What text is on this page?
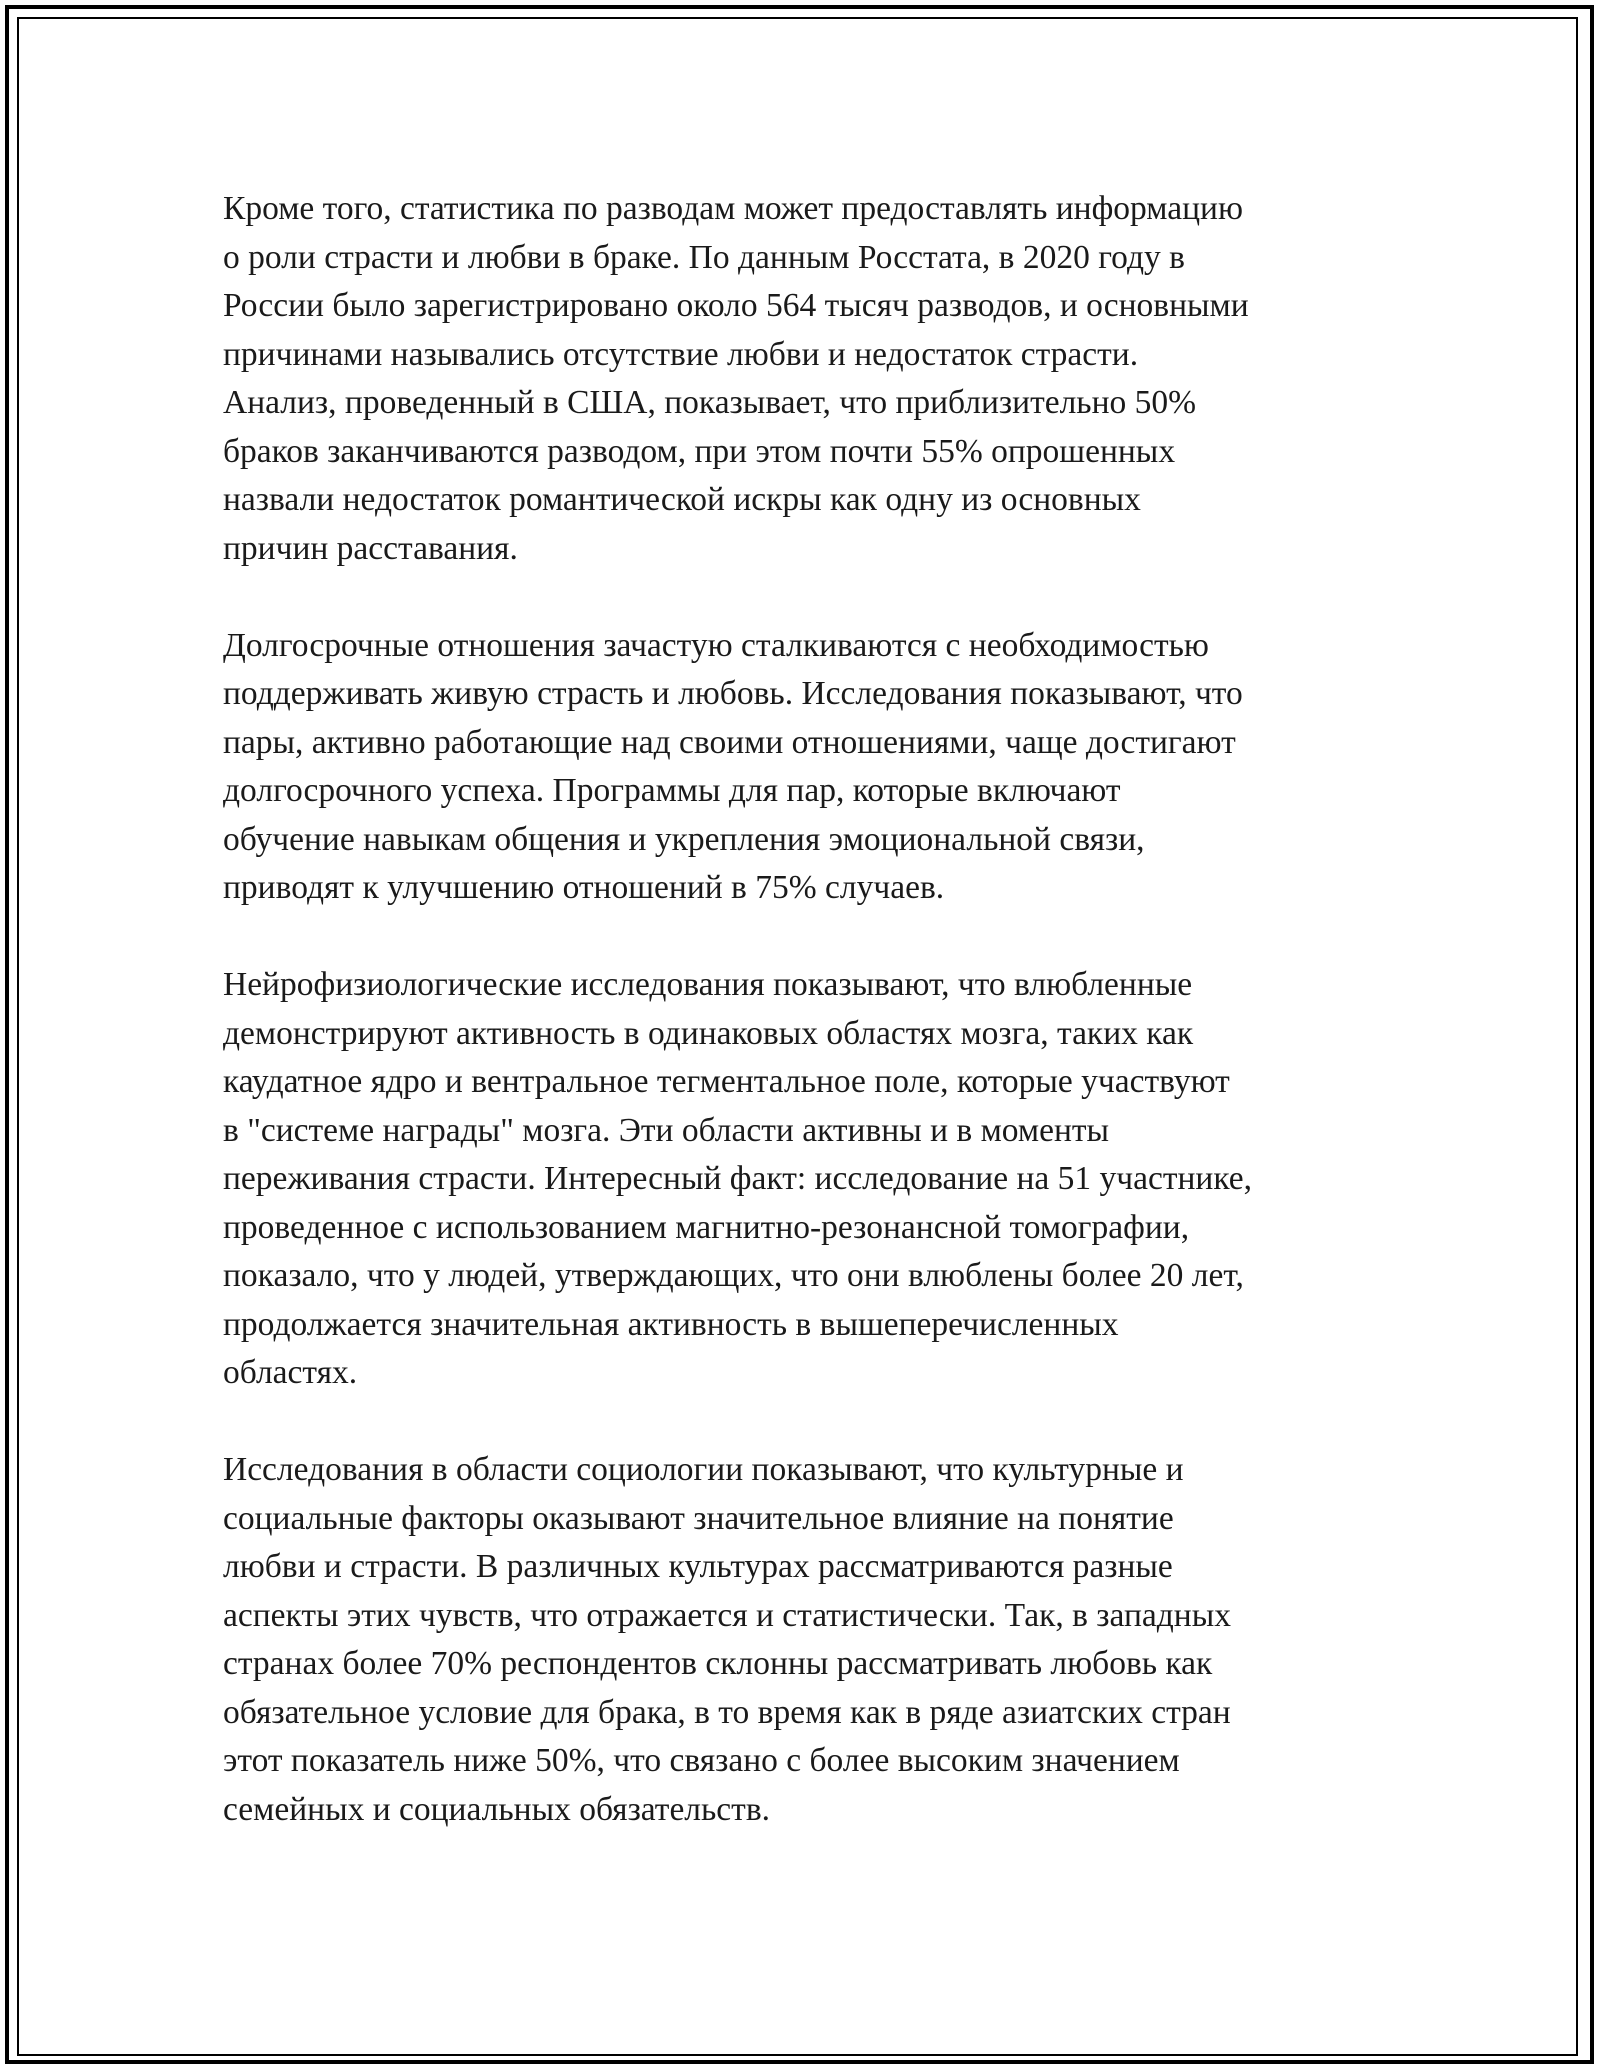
Кроме того, статистика по разводам может предоставлять информацию
о роли страсти и любви в браке. По данным Росстата, в 2020 году в
России было зарегистрировано около 564 тысяч разводов, и основными
причинами назывались отсутствие любви и недостаток страсти.
Анализ, проведенный в США, показывает, что приблизительно 50%
браков заканчиваются разводом, при этом почти 55% опрошенных
назвали недостаток романтической искры как одну из основных
причин расставания.

Долгосрочные отношения зачастую сталкиваются с необходимостью
поддерживать живую страсть и любовь. Исследования показывают, что
пары, активно работающие над своими отношениями, чаще достигают
долгосрочного успеха. Программы для пар, которые включают
обучение навыкам общения и укрепления эмоциональной связи,
приводят к улучшению отношений в 75% случаев.

Нейрофизиологические исследования показывают, что влюбленные
демонстрируют активность в одинаковых областях мозга, таких как
каудатное ядро и вентральное тегментальное поле, которые участвуют
в "системе награды" мозга. Эти области активны и в моменты
переживания страсти. Интересный факт: исследование на 51 участнике,
проведенное с использованием магнитно-резонансной томографии,
показало, что у людей, утверждающих, что они влюблены более 20 лет,
продолжается значительная активность в вышеперечисленных
областях.

Исследования в области социологии показывают, что культурные и
социальные факторы оказывают значительное влияние на понятие
любви и страсти. В различных культурах рассматриваются разные
аспекты этих чувств, что отражается и статистически. Так, в западных
странах более 70% респондентов склонны рассматривать любовь как
обязательное условие для брака, в то время как в ряде азиатских стран
этот показатель ниже 50%, что связано с более высоким значением
семейных и социальных обязательств.
